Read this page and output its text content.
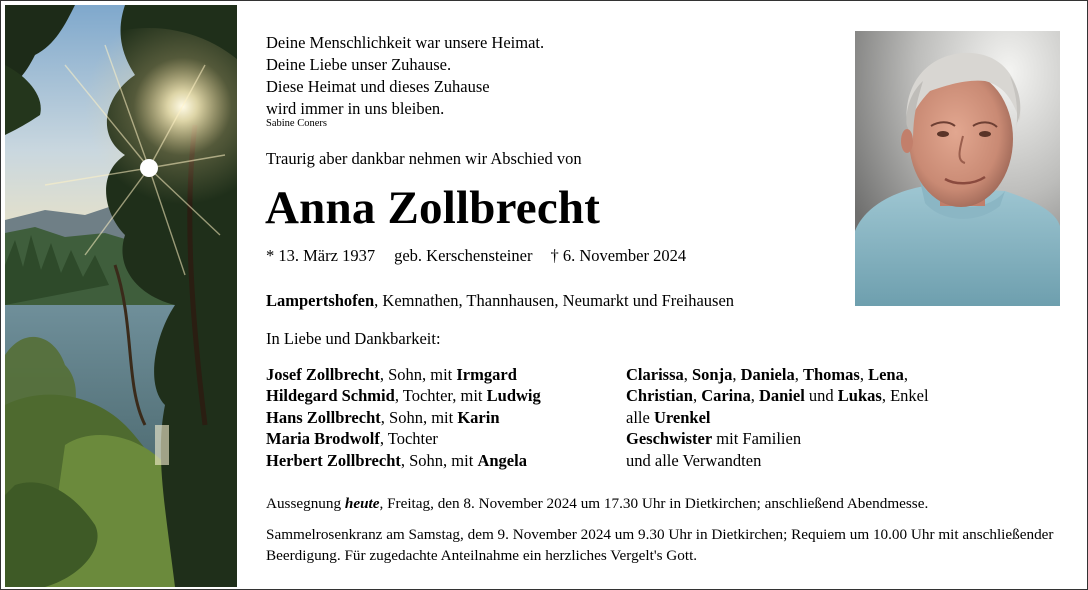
Deine Menschlichkeit war unsere Heimat.
Deine Liebe unser Zuhause.
Diese Heimat und dieses Zuhause
wird immer in uns bleiben.
Sabine Coners
Traurig aber dankbar nehmen wir Abschied von
Anna Zollbrecht
* 13. März 1937 geb. Kerschensteiner † 6. November 2024
Lampertshofen, Kemnathen, Thannhausen, Neumarkt und Freihausen
In Liebe und Dankbarkeit:
Josef Zollbrecht, Sohn, mit Irmgard
Hildegard Schmid, Tochter, mit Ludwig
Hans Zollbrecht, Sohn, mit Karin
Maria Brodwolf, Tochter
Herbert Zollbrecht, Sohn, mit Angela
Clarissa, Sonja, Daniela, Thomas, Lena,
Christian, Carina, Daniel und Lukas, Enkel
alle Urenkel
Geschwister mit Familien
und alle Verwandten
Aussegnung heute, Freitag, den 8. November 2024 um 17.30 Uhr in Dietkirchen; anschließend Abendmesse.
Sammelrosenkranz am Samstag, dem 9. November 2024 um 9.30 Uhr in Dietkirchen; Requiem um 10.00 Uhr mit anschließender Beerdigung. Für zugedachte Anteilnahme ein herzliches Vergelt's Gott.
